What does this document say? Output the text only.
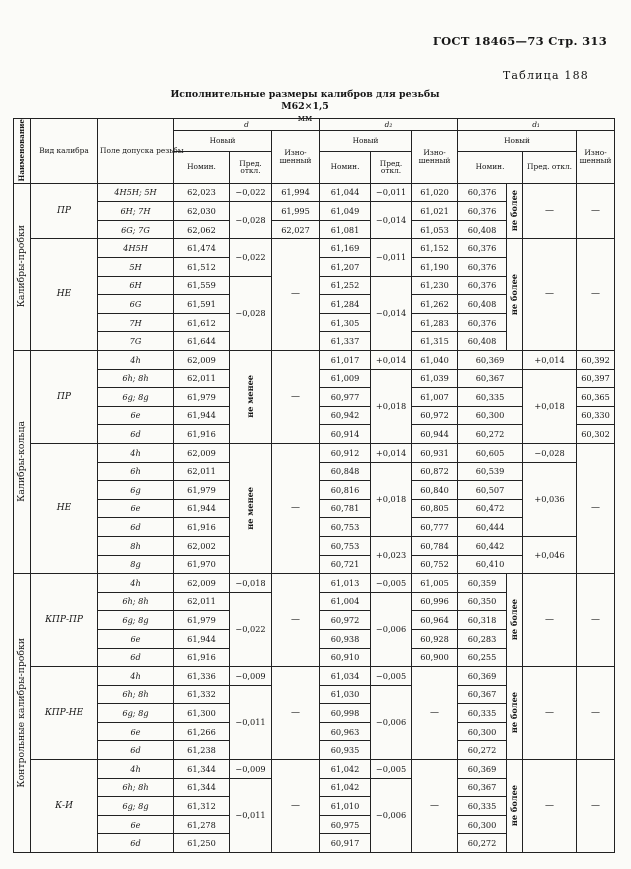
ГОСТ 18465—73 Стр. 313
Таблица 188
Исполнительные размеры калибров для резьбы M62×1,5
мм
Наименование	Вид калибра	Поле допуска резьбы	d			d₂			d₁			
			Новый		Изно-шенный	Новый		Изно-шенный	Новый			Изно-шенный
			Номин.	Пред. откл.		Номин.	Пред. откл.		Номин.		Пред. откл.	
Калибры-пробки	ПР	4H5H; 5H	62,023	−0,022	61,994	61,044	−0,011	61,020	60,376	не более	—	—
		6H; 7H	62,030	−0,028	61,995	61,049	−0,014	61,021	60,376			
		6G; 7G	62,062		62,027	61,081		61,053	60,408			
	НЕ	4H5H	61,474	−0,022	—	61,169	−0,011	61,152	60,376	не более	—	—
		5H	61,512			61,207		61,190	60,376			
		6H	61,559	−0,028		61,252	−0,014	61,230	60,376			
		6G	61,591			61,284		61,262	60,408			
		7H	61,612			61,305		61,283	60,376			
		7G	61,644			61,337		61,315	60,408			
Калибры-кольца	ПР	4h	62,009	не менее	—	61,017	+0,014	61,040	60,369		+0,014	60,392
		6h; 8h	62,011			61,009	+0,018	61,039	60,367		+0,018	60,397
		6g; 8g	61,979			60,977		61,007	60,335			60,365
		6e	61,944			60,942		60,972	60,300			60,330
		6d	61,916			60,914		60,944	60,272			60,302
	НЕ	4h	62,009	не менее	—	60,912	+0,014	60,931	60,605		−0,028	—
		6h	62,011			60,848	+0,018	60,872	60,539		+0,036	
		6g	61,979			60,816		60,840	60,507			
		6e	61,944			60,781		60,805	60,472			
		6d	61,916			60,753		60,777	60,444			
		8h	62,002			60,753	+0,023	60,784	60,442		+0,046	
		8g	61,970			60,721		60,752	60,410			
Контрольные калибры-пробки	КПР-ПР	4h	62,009	−0,018	—	61,013	−0,005	61,005	60,359	не более	—	—
		6h; 8h	62,011	−0,022		61,004	−0,006	60,996	60,350			
		6g; 8g	61,979			60,972		60,964	60,318			
		6e	61,944			60,938		60,928	60,283			
		6d	61,916			60,910		60,900	60,255			
	КПР-НЕ	4h	61,336	−0,009	—	61,034	−0,005	—	60,369	не более	—	—
		6h; 8h	61,332	−0,011		61,030	−0,006		60,367			
		6g; 8g	61,300			60,998			60,335			
		6e	61,266			60,963			60,300			
		6d	61,238			60,935			60,272			
	К-И	4h	61,344	−0,009	—	61,042	−0,005	—	60,369	не более	—	—
		6h; 8h	61,344	−0,011		61,042	−0,006		60,367			
		6g; 8g	61,312			61,010			60,335			
		6e	61,278			60,975			60,300			
		6d	61,250			60,917			60,272			
